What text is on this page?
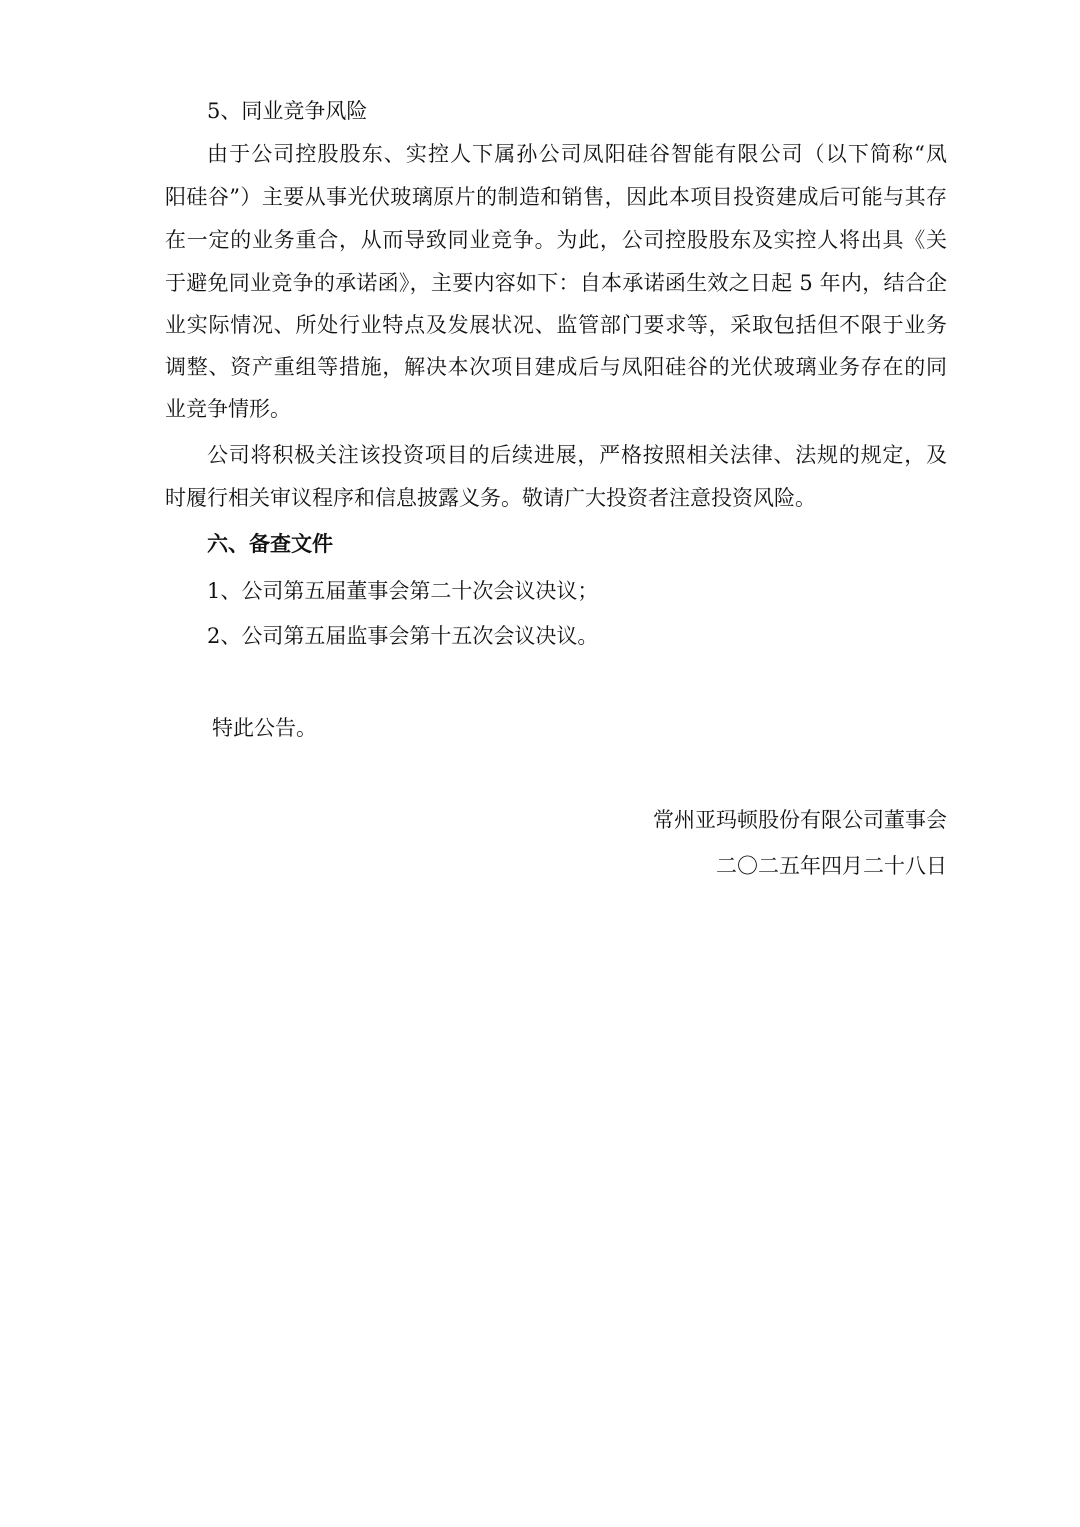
5、同业竞争风险
由于公司控股股东、实控人下属孙公司凤阳硅谷智能有限公司（以下简称“凤
阳硅谷”）主要从事光伏玻璃原片的制造和销售，因此本项目投资建成后可能与其存
在一定的业务重合，从而导致同业竞争。为此，公司控股股东及实控人将出具《关
于避免同业竞争的承诺函》，主要内容如下：自本承诺函生效之日起 5 年内，结合企
业实际情况、所处行业特点及发展状况、监管部门要求等，采取包括但不限于业务
调整、资产重组等措施，解决本次项目建成后与凤阳硅谷的光伏玻璃业务存在的同
业竞争情形。
公司将积极关注该投资项目的后续进展，严格按照相关法律、法规的规定，及
时履行相关审议程序和信息披露义务。敬请广大投资者注意投资风险。
六、备查文件
1、公司第五届董事会第二十次会议决议；
2、公司第五届监事会第十五次会议决议。
特此公告。
常州亚玛顿股份有限公司董事会
二〇二五年四月二十八日
